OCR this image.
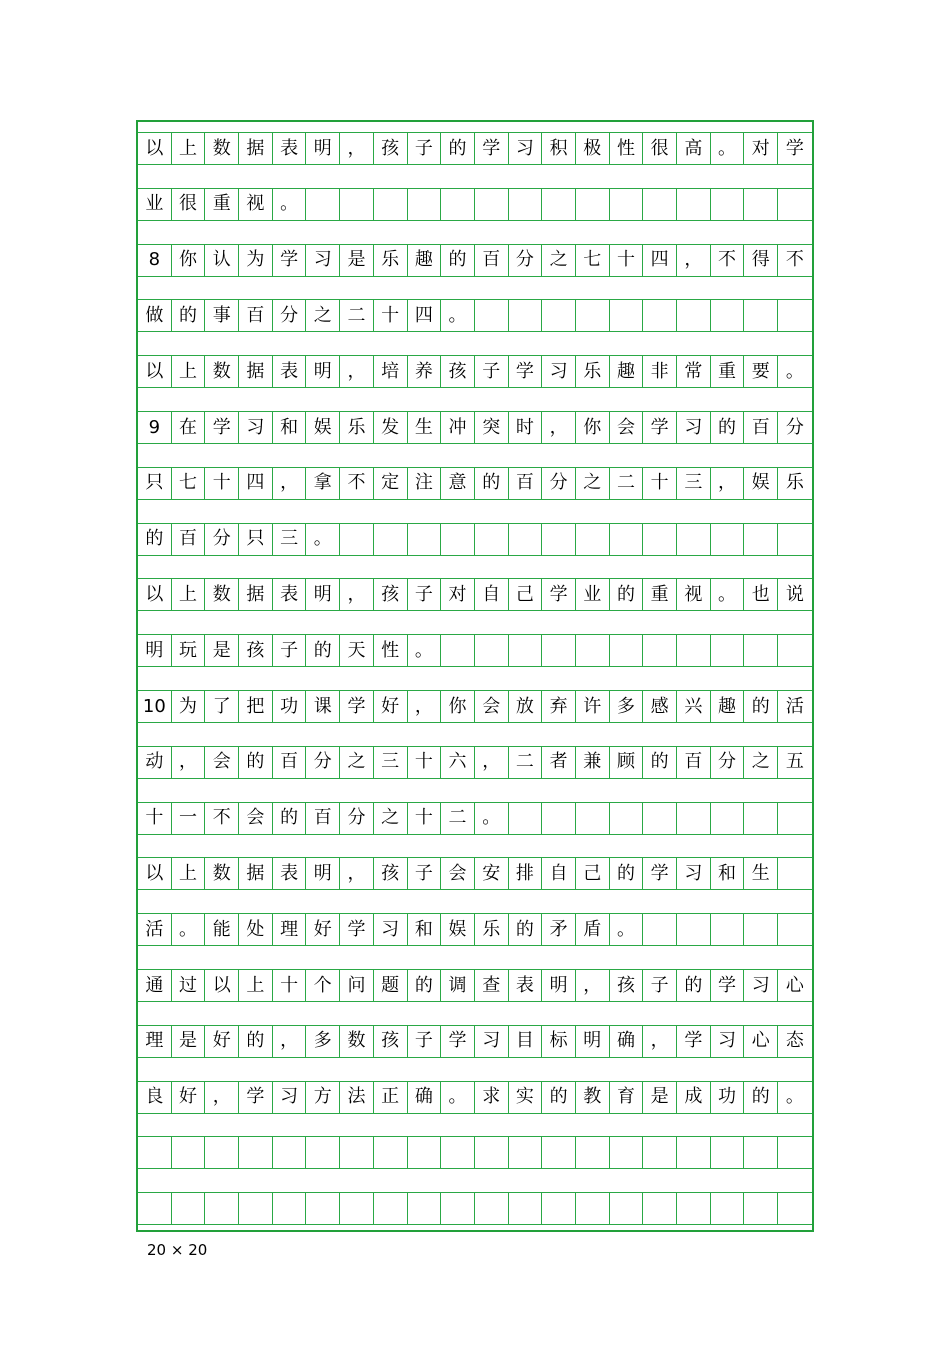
以 上 数 据 表 明 ， 孩 子 的 学 习 积 极 性 很 高 。 对 学
业 很 重 视 。
8	你 认 为 学 习 是 乐 趣 的 百 分 之 七 十 四 ， 不 得 不
做 的 事 百 分 之 二 十 四 。
以 上 数 据 表 明 ， 培 养 孩 子 学 习 乐 趣 非 常 重 要 。
9	在 学 习 和 娱 乐 发 生 冲 突 时 ， 你 会 学 习 的 百 分
只 七 十 四 ， 拿 不 定 注 意 的 百 分 之 二 十 三 ， 娱 乐
的 百 分 只 三 。
以 上 数 据 表 明 ， 孩 子 对 自 己 学 业 的 重 视 。 也 说
明 玩 是 孩 子 的 天 性 。
10 为 了 把 功 课 学 好 ， 你 会 放 弃 许 多 感 兴 趣 的 活
动 ， 会 的 百 分 之 三 十 六 ， 二 者 兼 顾 的 百 分 之 五
十 一 不 会 的 百 分 之 十 二 。
以 上 数 据 表 明 ， 孩 子 会 安 排 自 己 的 学 习 和 生
活 。 能 处 理 好 学 习 和 娱 乐 的 矛 盾 。
通 过 以 上 十 个 问 题 的 调 查 表 明 ， 孩 子 的 学 习 心
理 是 好 的 ， 多 数 孩 子 学 习 目 标 明 确 ， 学 习 心 态
良 好 ， 学 习 方 法 正 确 。 求 实 的 教 育 是 成 功 的 。
20 × 20
